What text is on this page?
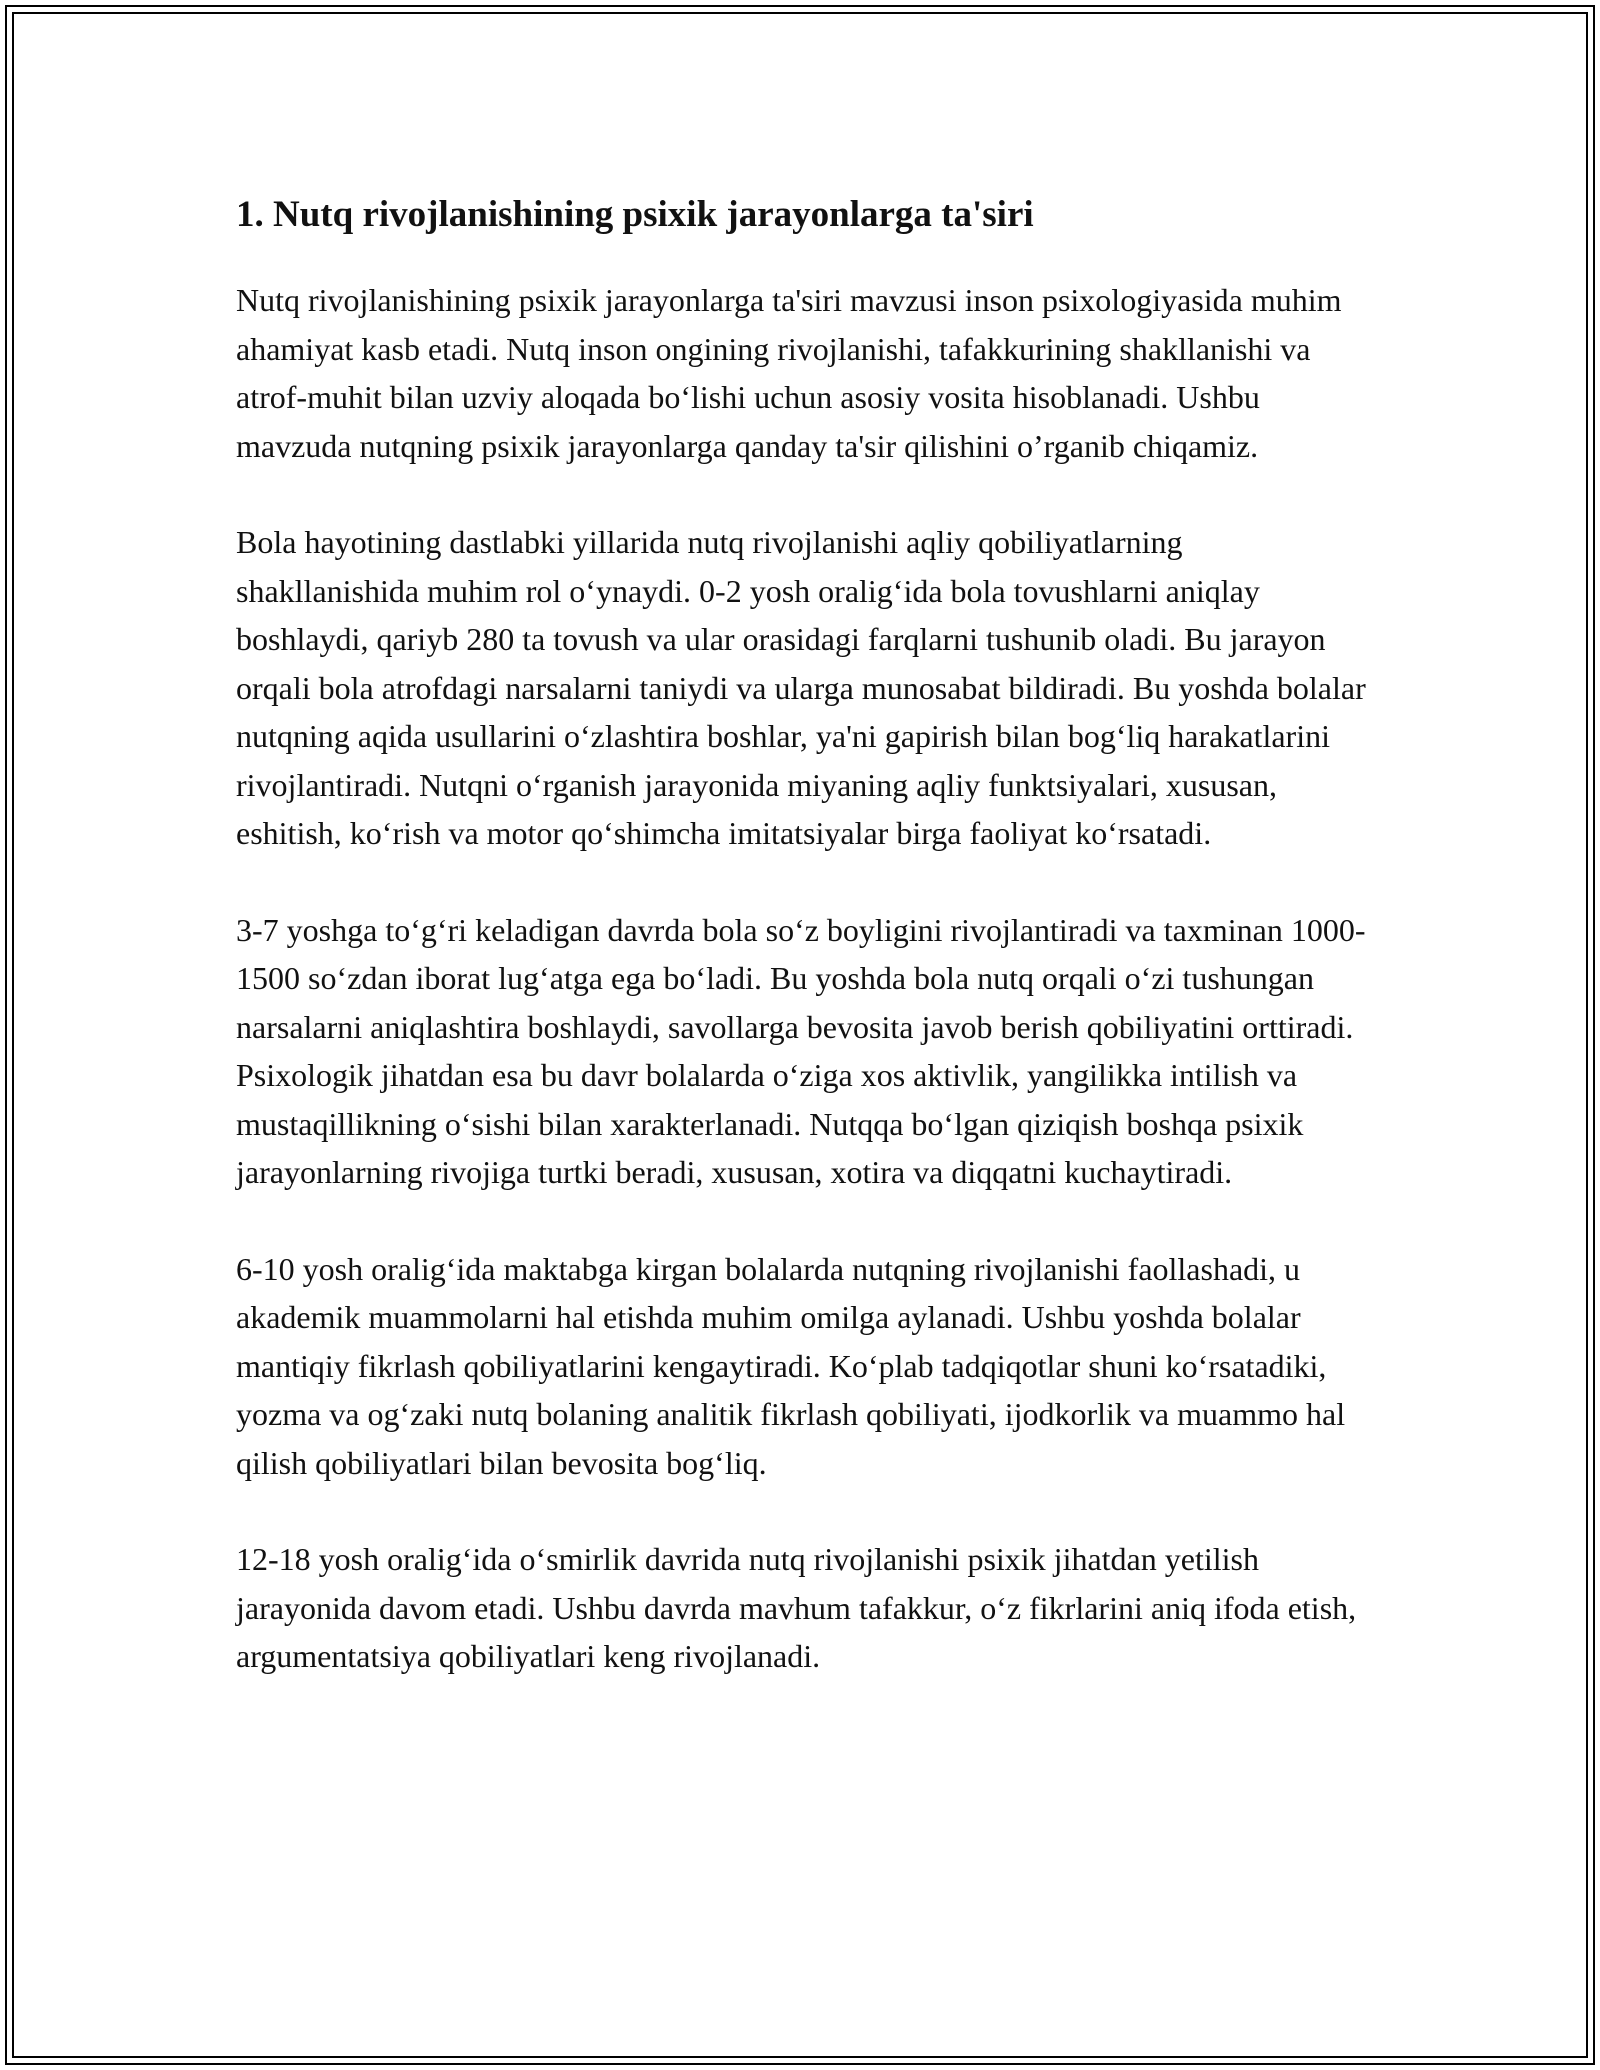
1. Nutq rivojlanishining psixik jarayonlarga ta'siri

Nutq rivojlanishining psixik jarayonlarga ta'siri mavzusi inson psixologiyasida muhim ahamiyat kasb etadi. Nutq inson ongining rivojlanishi, tafakkurining shakllanishi va atrof-muhit bilan uzviy aloqada bo‘lishi uchun asosiy vosita hisoblanadi. Ushbu mavzuda nutqning psixik jarayonlarga qanday ta'sir qilishini o’rganib chiqamiz.

Bola hayotining dastlabki yillarida nutq rivojlanishi aqliy qobiliyatlarning shakllanishida muhim rol o‘ynaydi. 0-2 yosh oralig‘ida bola tovushlarni aniqlay boshlaydi, qariyb 280 ta tovush va ular orasidagi farqlarni tushunib oladi. Bu jarayon orqali bola atrofdagi narsalarni taniydi va ularga munosabat bildiradi. Bu yoshda bolalar nutqning aqida usullarini o‘zlashtira boshlar, ya'ni gapirish bilan bog‘liq harakatlarini rivojlantiradi. Nutqni o‘rganish jarayonida miyaning aqliy funktsiyalari, xususan, eshitish, ko‘rish va motor qo‘shimcha imitatsiyalar birga faoliyat ko‘rsatadi.

3-7 yoshga to‘g‘ri keladigan davrda bola so‘z boyligini rivojlantiradi va taxminan 1000-1500 so‘zdan iborat lug‘atga ega bo‘ladi. Bu yoshda bola nutq orqali o‘zi tushungan narsalarni aniqlashtira boshlaydi, savollarga bevosita javob berish qobiliyatini orttiradi. Psixologik jihatdan esa bu davr bolalarda o‘ziga xos aktivlik, yangilikka intilish va mustaqillikning o‘sishi bilan xarakterlanadi. Nutqqa bo‘lgan qiziqish boshqa psixik jarayonlarning rivojiga turtki beradi, xususan, xotira va diqqatni kuchaytiradi.

6-10 yosh oralig‘ida maktabga kirgan bolalarda nutqning rivojlanishi faollashadi, u akademik muammolarni hal etishda muhim omilga aylanadi. Ushbu yoshda bolalar mantiqiy fikrlash qobiliyatlarini kengaytiradi. Ko‘plab tadqiqotlar shuni ko‘rsatadiki, yozma va og‘zaki nutq bolaning analitik fikrlash qobiliyati, ijodkorlik va muammo hal qilish qobiliyatlari bilan bevosita bog‘liq.

12-18 yosh oralig‘ida o‘smirlik davrida nutq rivojlanishi psixik jihatdan yetilish jarayonida davom etadi. Ushbu davrda mavhum tafakkur, o‘z fikrlarini aniq ifoda etish, argumentatsiya qobiliyatlari keng rivojlanadi.
